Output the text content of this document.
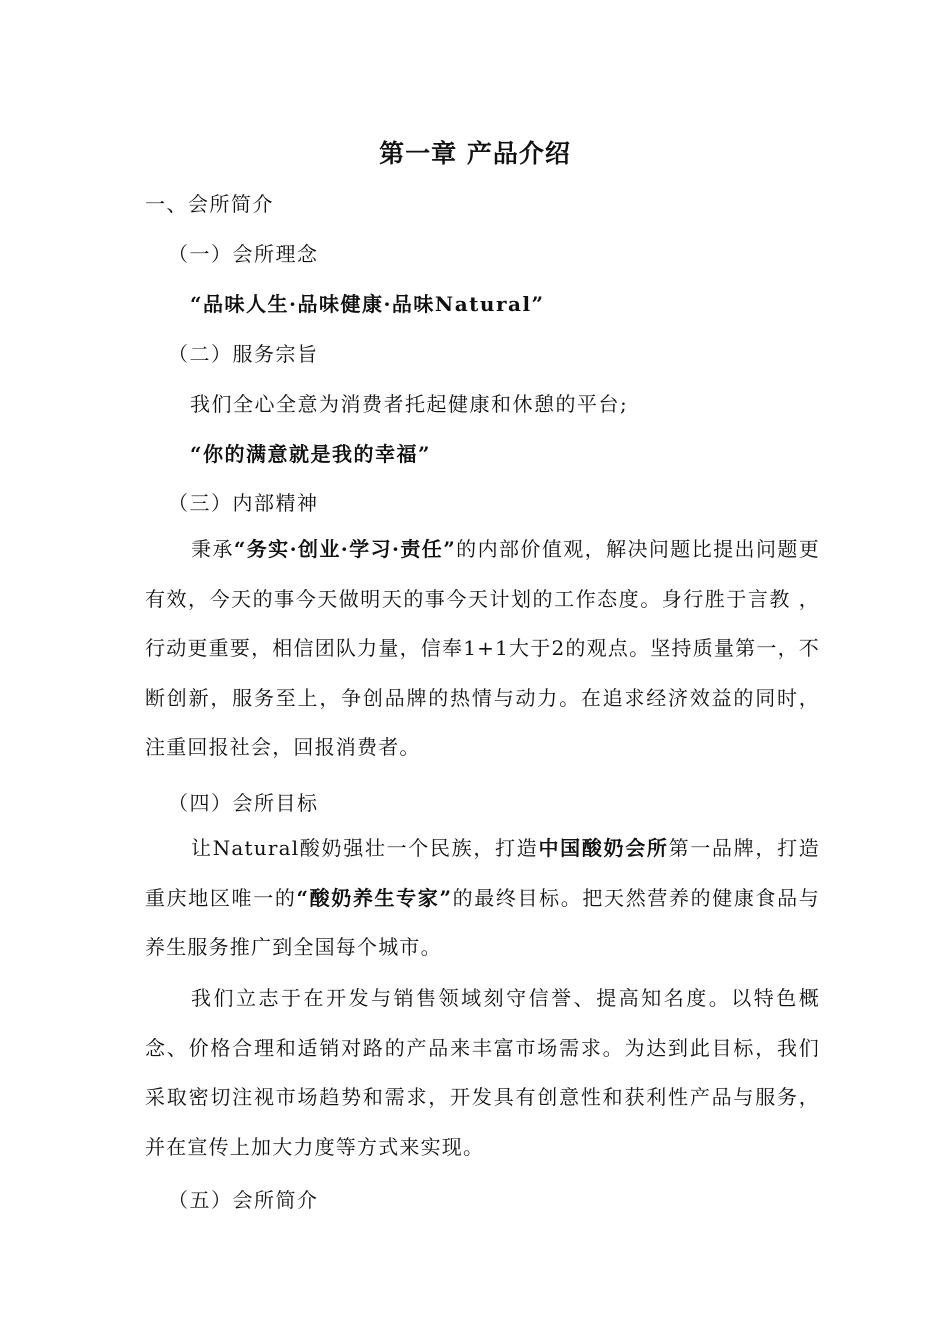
第一章 产品介绍
一、会所简介
（一）会所理念
“品味人生·品味健康·品味Natural”
（二）服务宗旨
我们全心全意为消费者托起健康和休憩的平台;
“你的满意就是我的幸福”
（三）内部精神
秉承“务实·创业·学习·责任”的内部价值观，解决问题比提出问题更有效，今天的事今天做明天的事今天计划的工作态度。身行胜于言教 ，行动更重要，相信团队力量，信奉1+1大于2的观点。坚持质量第一，不断创新，服务至上，争创品牌的热情与动力。在追求经济效益的同时，注重回报社会，回报消费者。
（四）会所目标
让Natural酸奶强壮一个民族，打造中国酸奶会所第一品牌，打造重庆地区唯一的“酸奶养生专家”的最终目标。把天然营养的健康食品与养生服务推广到全国每个城市。
我们立志于在开发与销售领域刻守信誉、提高知名度。以特色概念、价格合理和适销对路的产品来丰富市场需求。为达到此目标，我们采取密切注视市场趋势和需求，开发具有创意性和获利性产品与服务，并在宣传上加大力度等方式来实现。
（五）会所简介
